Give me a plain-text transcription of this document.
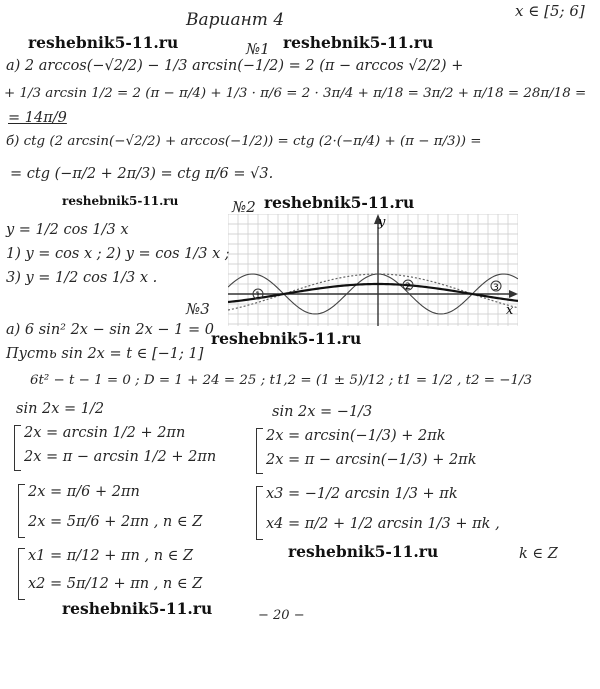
Вариант 4	x ∈ [5; 6]
№1
reshebnik5-11.ru	reshebnik5-11.ru
а) 2 arccos(−√2/2) − 1/3 arcsin(−1/2) = 2 (π − arccos √2/2) +
+ 1/3 arcsin 1/2 = 2 (π − π/4) + 1/3 · π/6 = 2 · 3π/4 + π/18 = 3π/2 + π/18 = 28π/18 =
= 14π/9
б) ctg (2 arcsin(−√2/2) + arccos(−1/2)) = ctg (2·(−π/4) + (π − π/3)) =
= ctg (−π/2 + 2π/3) = ctg π/6 = √3.
reshebnik5-11.ru	№2 reshebnik5-11.ru
y = 1/2 cos 1/3 x
1) y = cos x ; 2) y = cos 1/3 x ;
3) y = 1/2 cos 1/3 x .
y
x
1
2	3
№3
а) 6 sin² 2x − sin 2x − 1 = 0
reshebnik5-11.ru
Пусть sin 2x = t ∈ [−1; 1]
6t² − t − 1 = 0 ; D = 1 + 24 = 25 ; t1,2 = (1 ± 5)/12 ; t1 = 1/2 , t2 = −1/3
sin 2x = 1/2	sin 2x = −1/3
2x = arcsin 1/2 + 2πn
2x = π − arcsin 1/2 + 2πn
2x = π/6 + 2πn
2x = 5π/6 + 2πn , n ∈ Z
x1 = π/12 + πn , n ∈ Z
x2 = 5π/12 + πn , n ∈ Z
2x = arcsin(−1/3) + 2πk
2x = π − arcsin(−1/3) + 2πk
x3 = −1/2 arcsin 1/3 + πk
x4 = π/2 + 1/2 arcsin 1/3 + πk ,
reshebnik5-11.ru	k ∈ Z
reshebnik5-11.ru	− 20 −
